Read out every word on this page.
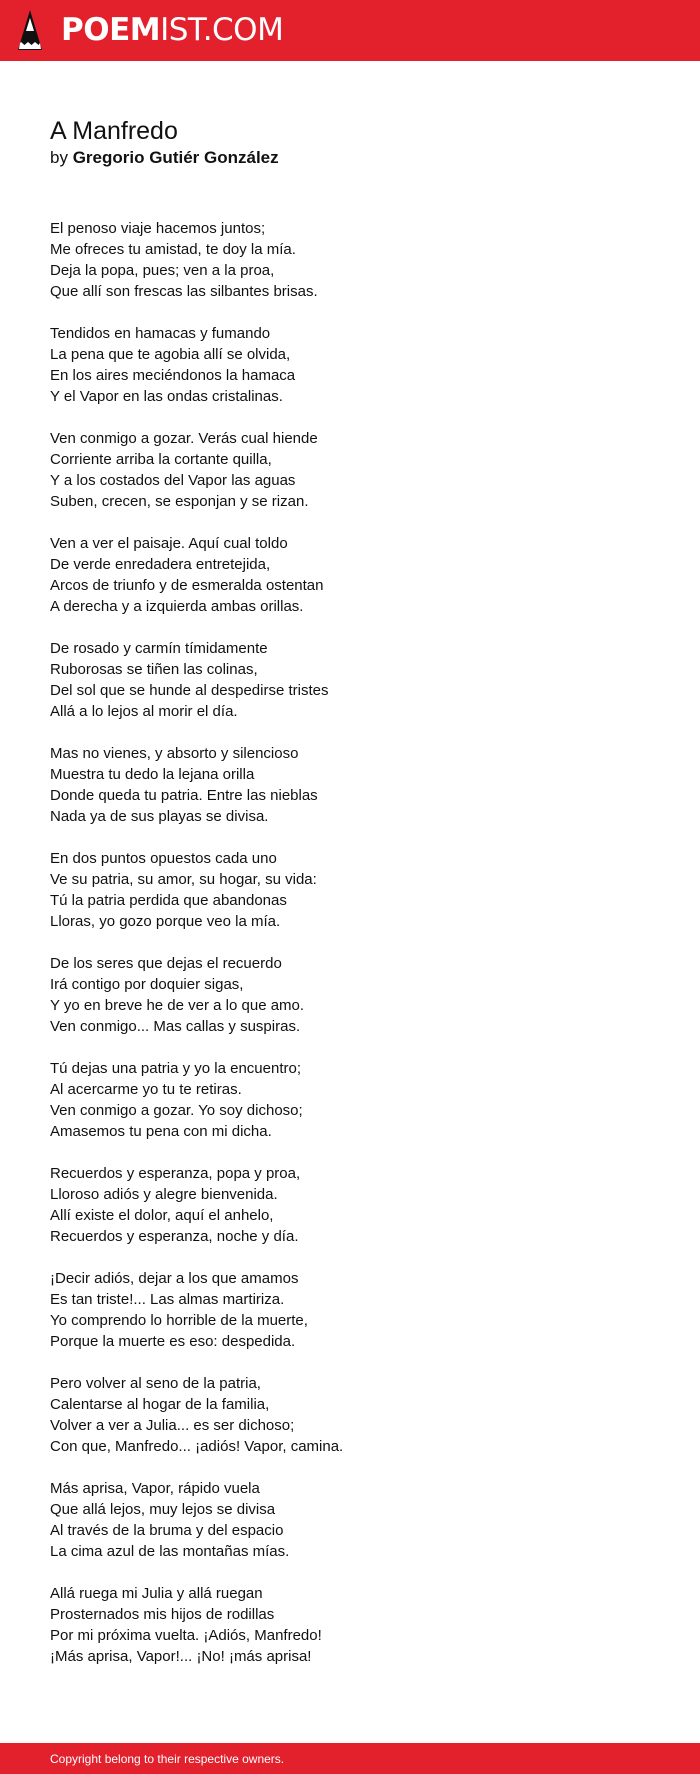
POEMIST.COM
A Manfredo
by Gregorio Gutiér González
El penoso viaje hacemos juntos;
Me ofreces tu amistad, te doy la mía.
Deja la popa, pues; ven a la proa,
Que allí son frescas las silbantes brisas.
Tendidos en hamacas y fumando
La pena que te agobia allí se olvida,
En los aires meciéndonos la hamaca
Y el Vapor en las ondas cristalinas.
Ven conmigo a gozar. Verás cual hiende
Corriente arriba la cortante quilla,
Y a los costados del Vapor las aguas
Suben, crecen, se esponjan y se rizan.
Ven a ver el paisaje. Aquí cual toldo
De verde enredadera entretejida,
Arcos de triunfo y de esmeralda ostentan
A derecha y a izquierda ambas orillas.
De rosado y carmín tímidamente
Ruborosas se tiñen las colinas,
Del sol que se hunde al despedirse tristes
Allá a lo lejos al morir el día.
Mas no vienes, y absorto y silencioso
Muestra tu dedo la lejana orilla
Donde queda tu patria. Entre las nieblas
Nada ya de sus playas se divisa.
En dos puntos opuestos cada uno
Ve su patria, su amor, su hogar, su vida:
Tú la patria perdida que abandonas
Lloras, yo gozo porque veo la mía.
De los seres que dejas el recuerdo
Irá contigo por doquier sigas,
Y yo en breve he de ver a lo que amo.
Ven conmigo... Mas callas y suspiras.
Tú dejas una patria y yo la encuentro;
Al acercarme yo tu te retiras.
Ven conmigo a gozar. Yo soy dichoso;
Amasemos tu pena con mi dicha.
Recuerdos y esperanza, popa y proa,
Lloroso adiós y alegre bienvenida.
Allí existe el dolor, aquí el anhelo,
Recuerdos y esperanza, noche y día.
¡Decir adiós, dejar a los que amamos
Es tan triste!... Las almas martiriza.
Yo comprendo lo horrible de la muerte,
Porque la muerte es eso: despedida.
Pero volver al seno de la patria,
Calentarse al hogar de la familia,
Volver a ver a Julia... es ser dichoso;
Con que, Manfredo... ¡adiós! Vapor, camina.
Más aprisa, Vapor, rápido vuela
Que allá lejos, muy lejos se divisa
Al través de la bruma y del espacio
La cima azul de las montañas mías.
Allá ruega mi Julia y allá ruegan
Prosternados mis hijos de rodillas
Por mi próxima vuelta. ¡Adiós, Manfredo!
¡Más aprisa, Vapor!... ¡No! ¡más aprisa!
Copyright belong to their respective owners.
